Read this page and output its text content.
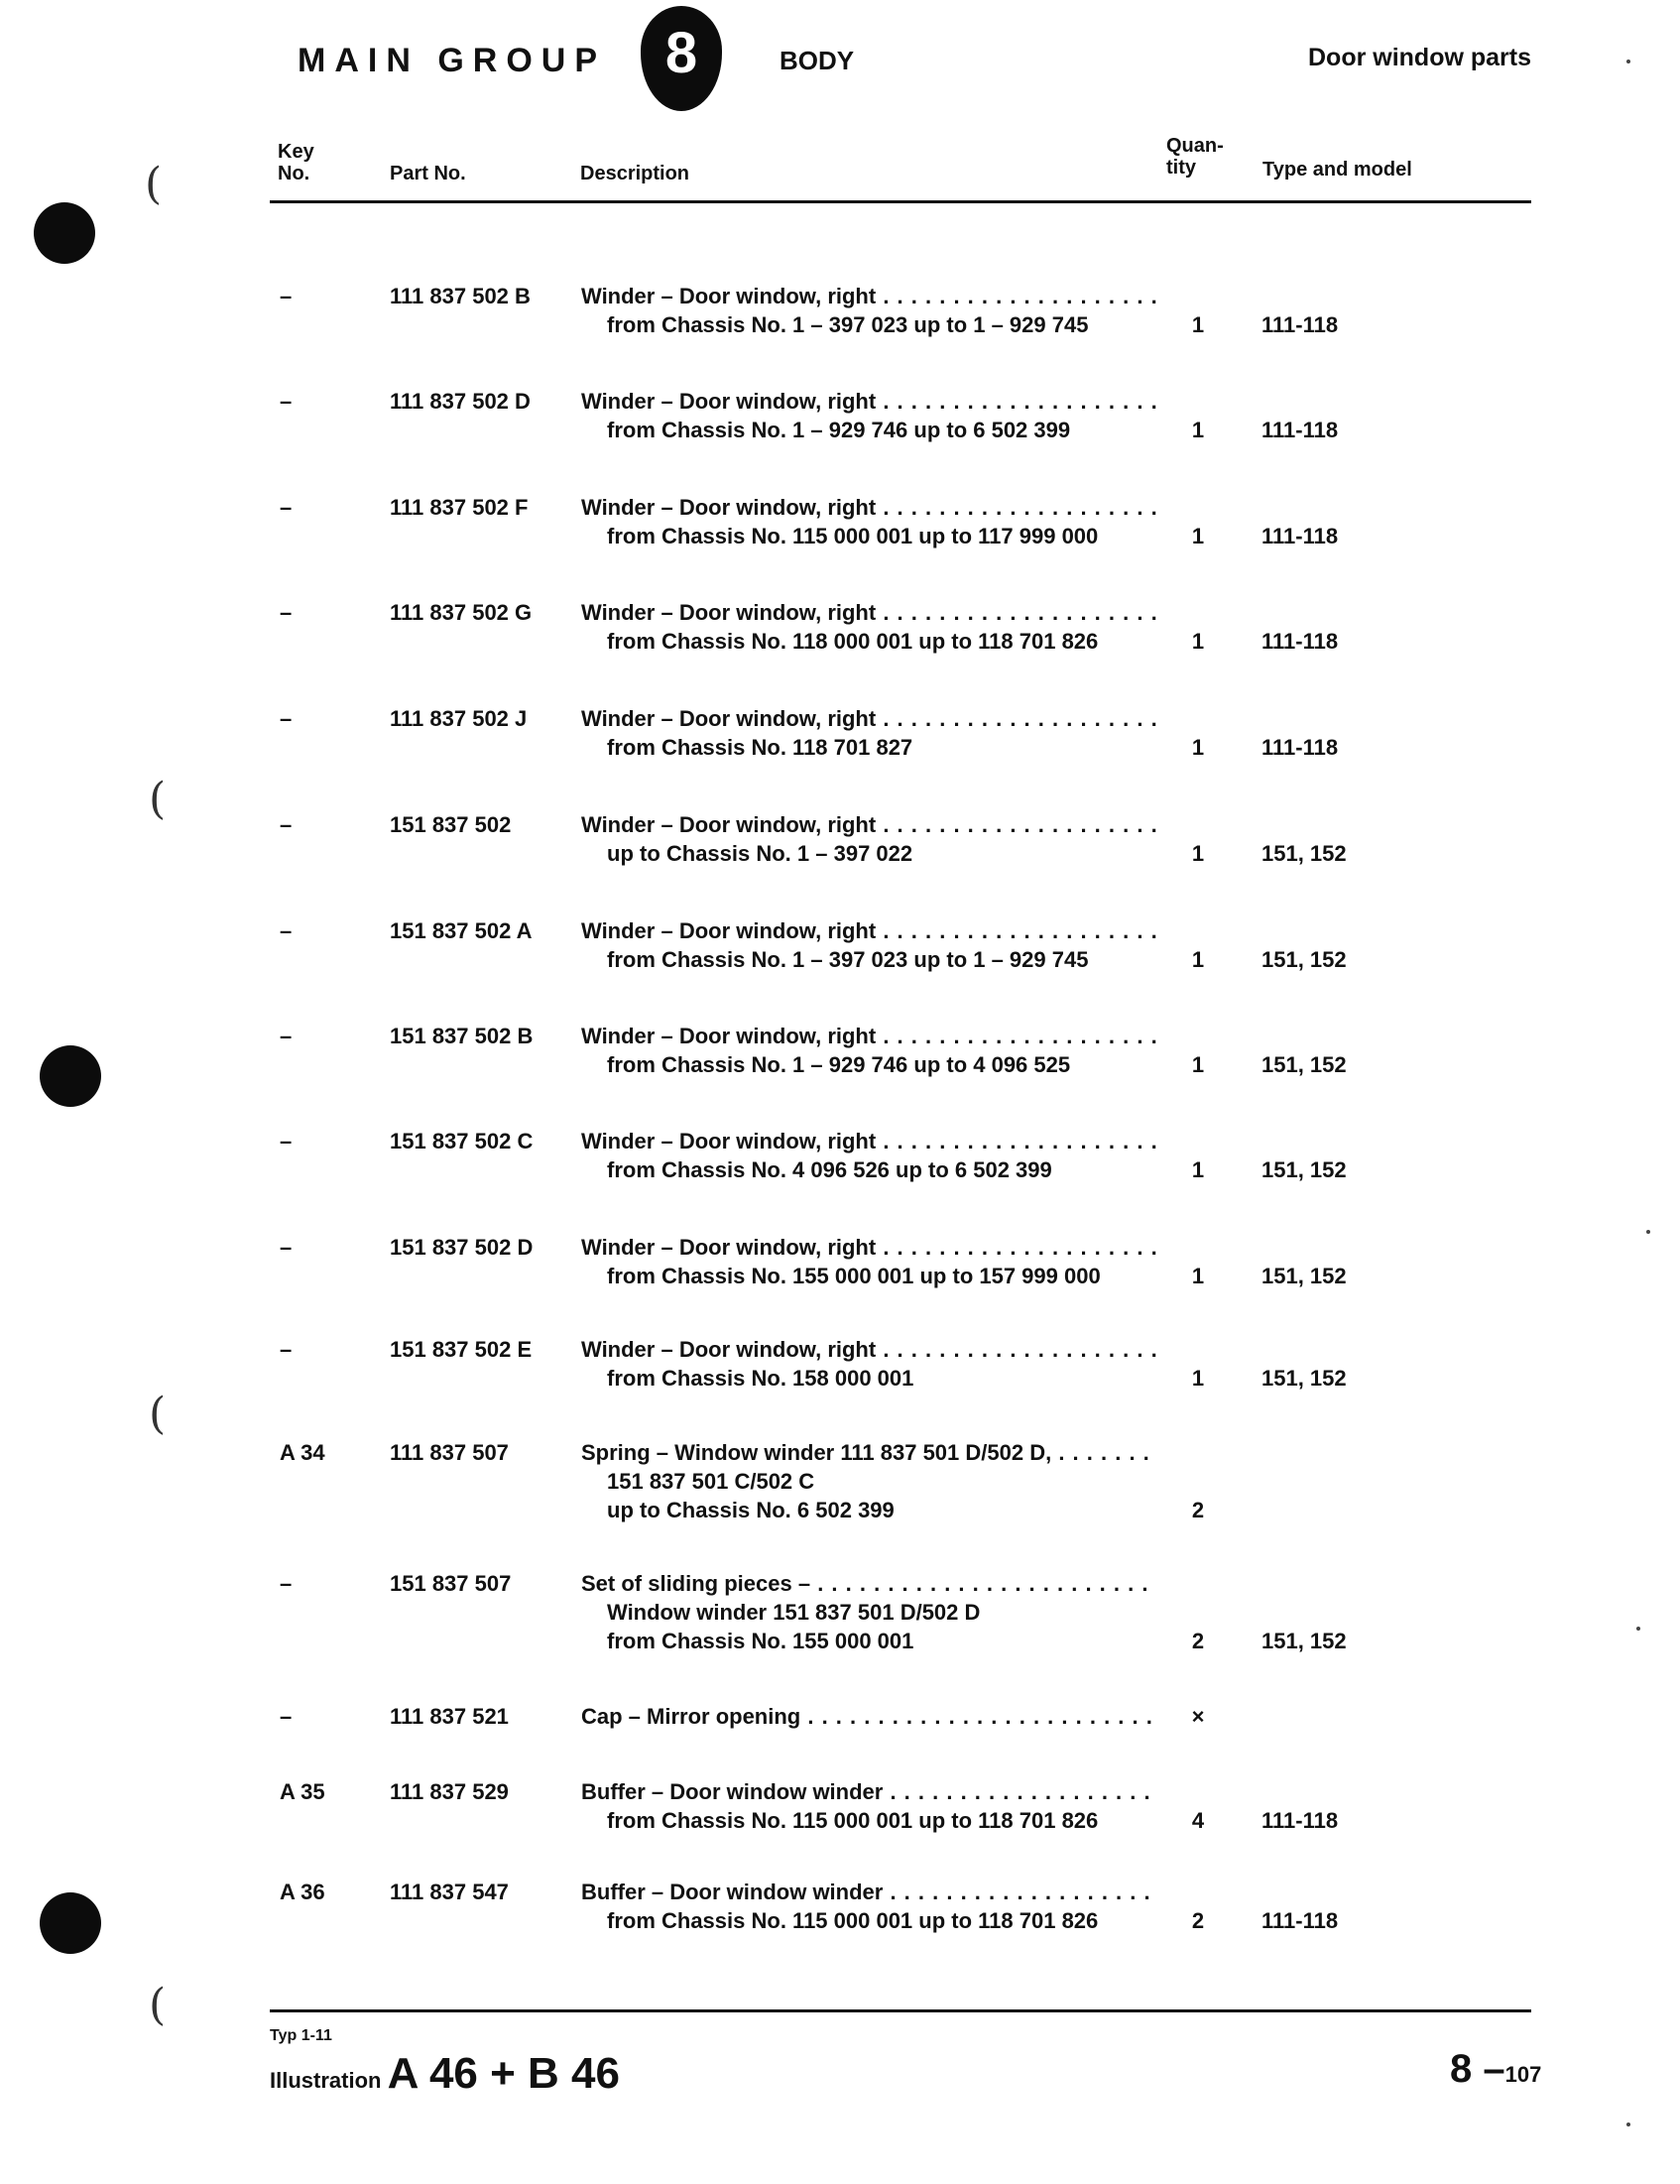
(
(
(
(
MAIN GROUP	8	BODY	Door window parts
Key
No.	Part No.	Description
Quan-
tity	Type and model
–	111 837 502 B Winder – Door window, right . . .
from Chassis No. 1 – 397 023 up to 1 – 929 745	1	111-118
–	111 837 502 D Winder – Door window, right . . .
from Chassis No. 1 – 929 746 up to 6 502 399	1	111-118
–	111 837 502 F Winder – Door window, right . . .
from Chassis No. 115 000 001 up to 117 999 000	1	111-118
–	111 837 502 G Winder – Door window, right . . .
from Chassis No. 118 000 001 up to 118 701 826	1	111-118
–	111 837 502 J Winder – Door window, right . . .
from Chassis No. 118 701 827	1	111-118
–	151 837 502	Winder – Door window, right . . .
up to Chassis No. 1 – 397 022	1	151, 152
–	151 837 502 A Winder – Door window, right . . .
from Chassis No. 1 – 397 023 up to 1 – 929 745	1	151, 152
–	151 837 502 B Winder – Door window, right . . .
from Chassis No. 1 – 929 746 up to 4 096 525	1	151, 152
–	151 837 502 C Winder – Door window, right . . .
from Chassis No. 4 096 526 up to 6 502 399	1	151, 152
–	151 837 502 D Winder – Door window, right . . .
from Chassis No. 155 000 001 up to 157 999 000	1	151, 152
–	151 837 502 E Winder – Door window, right . . .
from Chassis No. 158 000 001	1	151, 152
A 34	111 837 507	Spring – Window winder 111 837 501 D/502 D, . . .
151 837 501 C/502 C
up to Chassis No. 6 502 399	2
–	151 837 507	Set of sliding pieces – . . .
Window winder 151 837 501 D/502 D
from Chassis No. 155 000 001	2	151, 152
–	111 837 521	Cap – Mirror opening . . .	×
A 35	111 837 529	Buffer – Door window winder . . .
from Chassis No. 115 000 001 up to 118 701 826	4	111-118
A 36	111 837 547	Buffer – Door window winder . . .
from Chassis No. 115 000 001 up to 118 701 826	2	111-118
Typ 1-11
Illustration A 46 + B 46	8 –107
